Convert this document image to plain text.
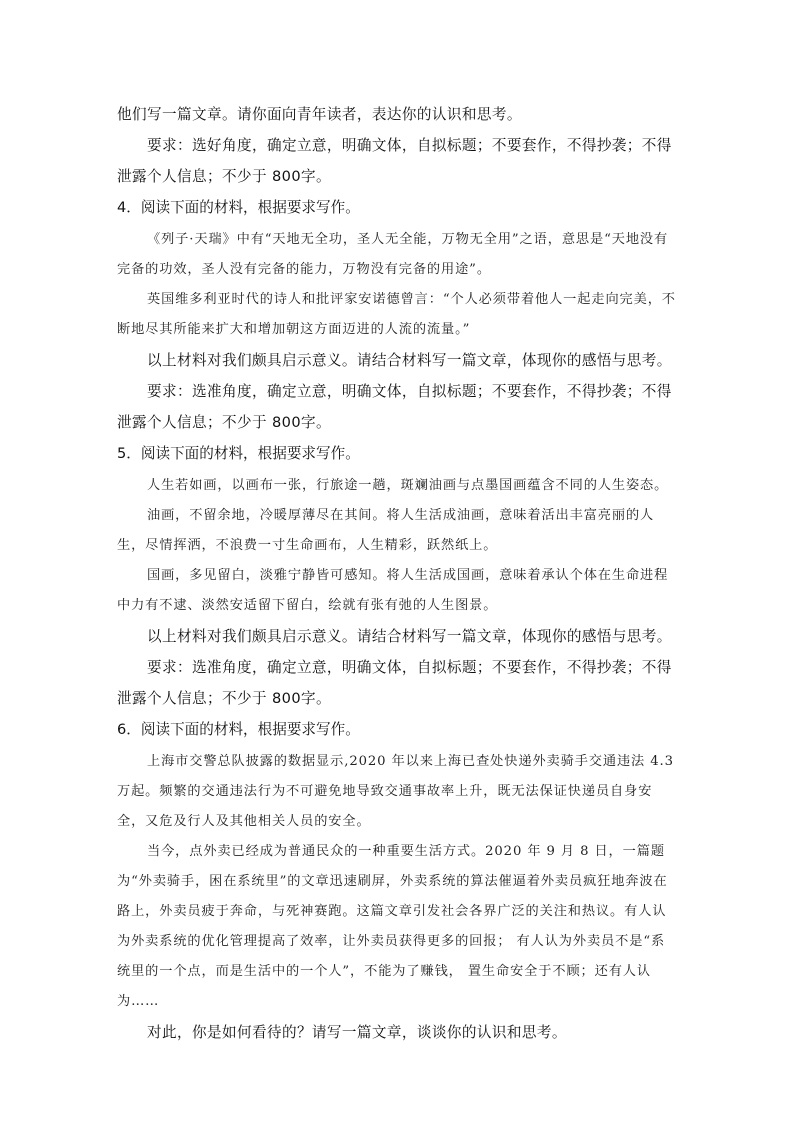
他们写一篇文章。请你面向青年读者，表达你的认识和思考。

要求：选好角度，确定立意，明确文体，自拟标题；不要套作，不得抄袭；不得泄露个人信息；不少于 800字。

4．阅读下面的材料，根据要求写作。

《列子·天瑞》中有“天地无全功，圣人无全能，万物无全用”之语，意思是“天地没有完备的功效，圣人没有完备的能力，万物没有完备的用途”。

英国维多利亚时代的诗人和批评家安诺德曾言：“个人必须带着他人一起走向完美，不断地尽其所能来扩大和增加朝这方面迈进的人流的流量。”

以上材料对我们颇具启示意义。请结合材料写一篇文章，体现你的感悟与思考。

要求：选准角度，确定立意，明确文体，自拟标题；不要套作，不得抄袭；不得泄露个人信息；不少于 800字。

5．阅读下面的材料，根据要求写作。

人生若如画，以画布一张，行旅途一趟，斑斓油画与点墨国画蕴含不同的人生姿态。

油画，不留余地，冷暖厚薄尽在其间。将人生活成油画，意味着活出丰富亮丽的人生，尽情挥洒，不浪费一寸生命画布，人生精彩，跃然纸上。

国画，多见留白，淡雅宁静皆可感知。将人生活成国画，意味着承认个体在生命进程中力有不逮、淡然安适留下留白，绘就有张有弛的人生图景。

以上材料对我们颇具启示意义。请结合材料写一篇文章，体现你的感悟与思考。

要求：选准角度，确定立意，明确文体，自拟标题；不要套作，不得抄袭；不得泄露个人信息；不少于 800字。

6．阅读下面的材料，根据要求写作。

上海市交警总队披露的数据显示,2020 年以来上海已查处快递外卖骑手交通违法 4.3 万起。频繁的交通违法行为不可避免地导致交通事故率上升，既无法保证快递员自身安全，又危及行人及其他相关人员的安全。

当今，点外卖已经成为普通民众的一种重要生活方式。2020 年 9 月 8 日，一篇题为“外卖骑手，困在系统里”的文章迅速刷屏，外卖系统的算法催逼着外卖员疯狂地奔波在路上，外卖员疲于奔命，与死神赛跑。这篇文章引发社会各界广泛的关注和热议。有人认为外卖系统的优化管理提高了效率，让外卖员获得更多的回报； 有人认为外卖员不是“系统里的一个点，而是生活中的一个人”，不能为了赚钱， 置生命安全于不顾；还有人认为……

对此，你是如何看待的？请写一篇文章，谈谈你的认识和思考。
